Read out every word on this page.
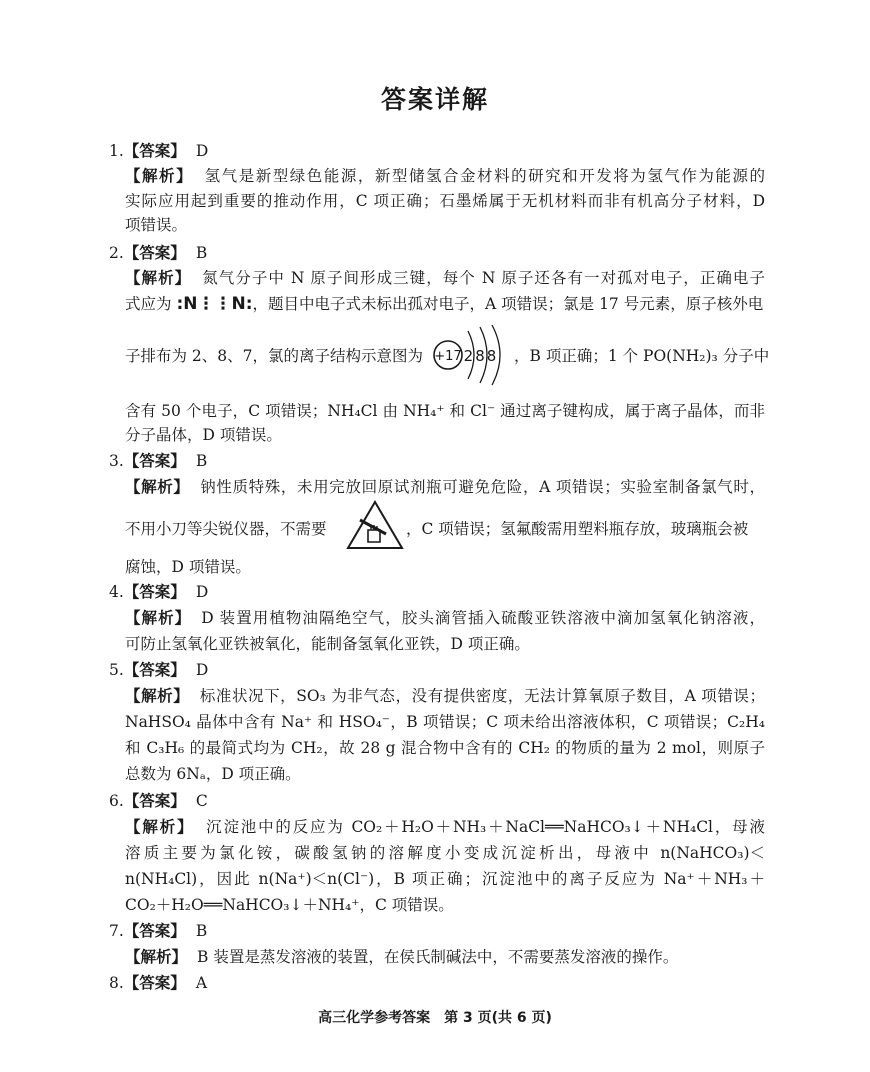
答案详解
1.【答案】 D
【解析】 氢气是新型绿色能源，新型储氢合金材料的研究和开发将为氢气作为能源的
实际应用起到重要的推动作用，C 项正确；石墨烯属于无机材料而非有机高分子材料，D
项错误。
2.【答案】 B
【解析】 氮气分子中 N 原子间形成三键，每个 N 原子还各有一对孤对电子，正确电子
式应为 :N⋮⋮N:，题目中电子式未标出孤对电子，A 项错误；氯是 17 号元素，原子核外电
子排布为 2、8、7，氯的离子结构示意图为 +17 288 ，B 项正确；1 个 PO(NH₂)₃ 分子中
含有 50 个电子，C 项错误；NH₄Cl 由 NH₄⁺ 和 Cl⁻ 通过离子键构成，属于离子晶体，而非
分子晶体，D 项错误。
3.【答案】 B
【解析】 钠性质特殊，未用完放回原试剂瓶可避免危险，A 项错误；实验室制备氯气时，
不用小刀等尖锐仪器，不需要	，C 项错误；氢氟酸需用塑料瓶存放，玻璃瓶会被
腐蚀，D 项错误。
4.【答案】 D
【解析】 D 装置用植物油隔绝空气，胶头滴管插入硫酸亚铁溶液中滴加氢氧化钠溶液，
可防止氢氧化亚铁被氧化，能制备氢氧化亚铁，D 项正确。
5.【答案】 D
【解析】 标准状况下，SO₃ 为非气态，没有提供密度，无法计算氧原子数目，A 项错误；
NaHSO₄ 晶体中含有 Na⁺ 和 HSO₄⁻，B 项错误；C 项未给出溶液体积，C 项错误；C₂H₄
和 C₃H₆ 的最简式均为 CH₂，故 28 g 混合物中含有的 CH₂ 的物质的量为 2 mol，则原子
总数为 6Nₐ，D 项正确。
6.【答案】 C
【解析】 沉淀池中的反应为 CO₂＋H₂O＋NH₃＋NaCl══NaHCO₃↓＋NH₄Cl，母液
溶质主要为氯化铵，碳酸氢钠的溶解度小变成沉淀析出，母液中 n(NaHCO₃)＜
n(NH₄Cl)，因此 n(Na⁺)＜n(Cl⁻)，B 项正确；沉淀池中的离子反应为 Na⁺＋NH₃＋
CO₂＋H₂O══NaHCO₃↓＋NH₄⁺，C 项错误。
7.【答案】 B
【解析】 B 装置是蒸发溶液的装置，在侯氏制碱法中，不需要蒸发溶液的操作。
8.【答案】 A
高三化学参考答案　第 3 页(共 6 页)
